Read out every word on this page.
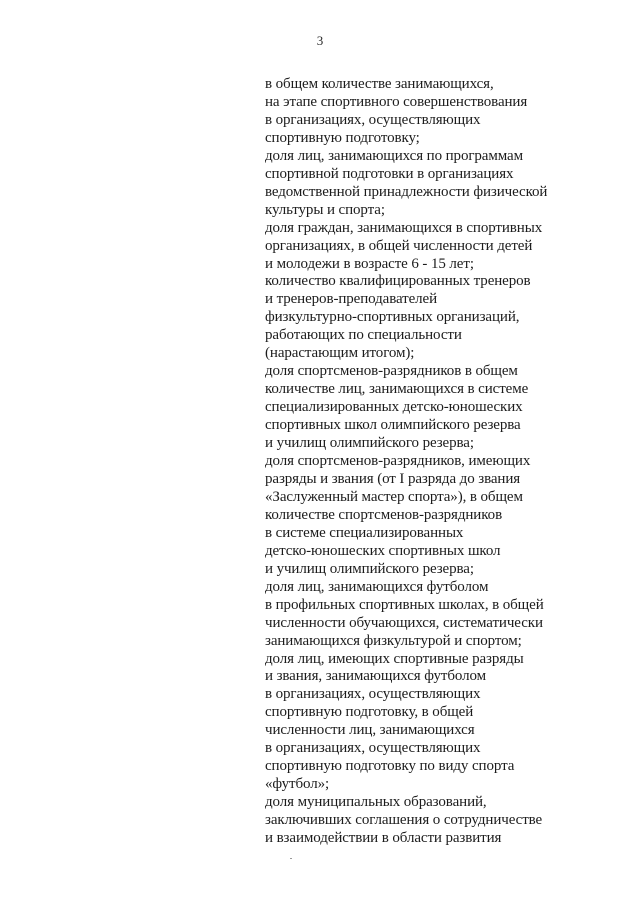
3
в общем количестве занимающихся,
на этапе спортивного совершенствования
в организациях, осуществляющих
спортивную подготовку;
доля лиц, занимающихся по программам
спортивной подготовки в организациях
ведомственной принадлежности физической
культуры и спорта;
доля граждан, занимающихся в спортивных
организациях, в общей численности детей
и молодежи в возрасте 6 - 15 лет;
количество квалифицированных тренеров
и тренеров-преподавателей
физкультурно-спортивных организаций,
работающих по специальности
(нарастающим итогом);
доля спортсменов-разрядников в общем
количестве лиц, занимающихся в системе
специализированных детско-юношеских
спортивных школ олимпийского резерва
и училищ олимпийского резерва;
доля спортсменов-разрядников, имеющих
разряды и звания (от I разряда до звания
«Заслуженный мастер спорта»), в общем
количестве спортсменов-разрядников
в системе специализированных
детско-юношеских спортивных школ
и училищ олимпийского резерва;
доля лиц, занимающихся футболом
в профильных спортивных школах, в общей
численности обучающихся, систематически
занимающихся физкультурой и спортом;
доля лиц, имеющих спортивные разряды
и звания, занимающихся футболом
в организациях, осуществляющих
спортивную подготовку, в общей
численности лиц, занимающихся
в организациях, осуществляющих
спортивную подготовку по виду спорта
«футбол»;
доля муниципальных образований,
заключивших соглашения о сотрудничестве
и взаимодействии в области развития
